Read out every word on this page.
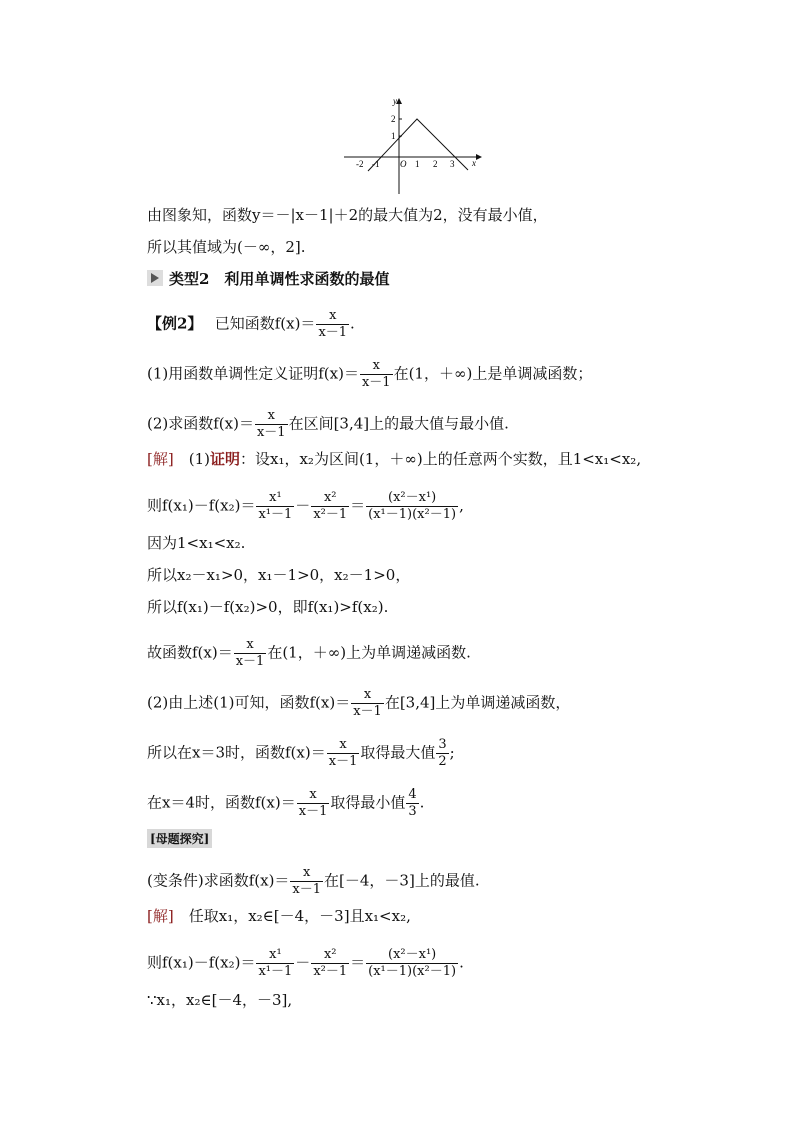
y
x
2
1
-2 -1 O 1 2 3
由图象知，函数y＝－|x－1|＋2的最大值为2，没有最小值，
所以其值域为(－∞，2].
类型2　利用单调性求函数的最值
【例2】　 已知函数$f(x)= \frac{x}{x-1}$ .
(1)用函数单调性定义证明$f(x)= \frac{x}{x-1}$ 在(1，＋∞)上是单调减函数；
(2)求函数$f(x)= \frac{x}{x-1}$ 在区间[3,4]上的最大值与最小值.
[解]　 (1)证明：设x₁，x₂为区间(1，＋∞)上的任意两个实数，且1<x₁<x₂,
则$f(x_1)-f(x_2)= \frac{\text{x¹}}{\text{x¹－1}} - \frac{\text{x²}}{\text{x²－1}} = \frac{\text{(x²－x¹)}}{\text{(x¹－1)(x²－1)}}$ ,
因为1<x₁<x₂.
所以x₂－x₁>0，x₁－1>0，x₂－1>0，
所以f(x₁)－f(x₂)>0，即f(x₁)>f(x₂).
故函数$f(x)= \frac{x}{x-1}$ 在(1，＋∞)上为单调递减函数.
(2)由上述(1)可知，函数$f(x)= \frac{x}{x-1}$ 在[3,4]上为单调递减函数，
所以在x＝3时，函数$f(x)= \frac{x}{x-1}$ 取得最大值 $\frac{3}{2}$ ;
在x＝4时，函数$f(x)= \frac{x}{x-1}$ 取得最小值 $\frac{4}{3}$ .
[母题探究]
(变条件)求函数$f(x)= \frac{x}{x-1}$ 在[－4，－3]上的最值.
[解]　 任取x₁，x₂∈[－4，－3]且x₁<x₂,
则$f(x_1)-f(x_2)= \frac{\text{x¹}}{\text{x¹－1}} - \frac{\text{x²}}{\text{x²－1}} = \frac{\text{(x²－x¹)}}{\text{(x¹－1)(x²－1)}}$ .
∵x₁，x₂∈[－4，－3],
